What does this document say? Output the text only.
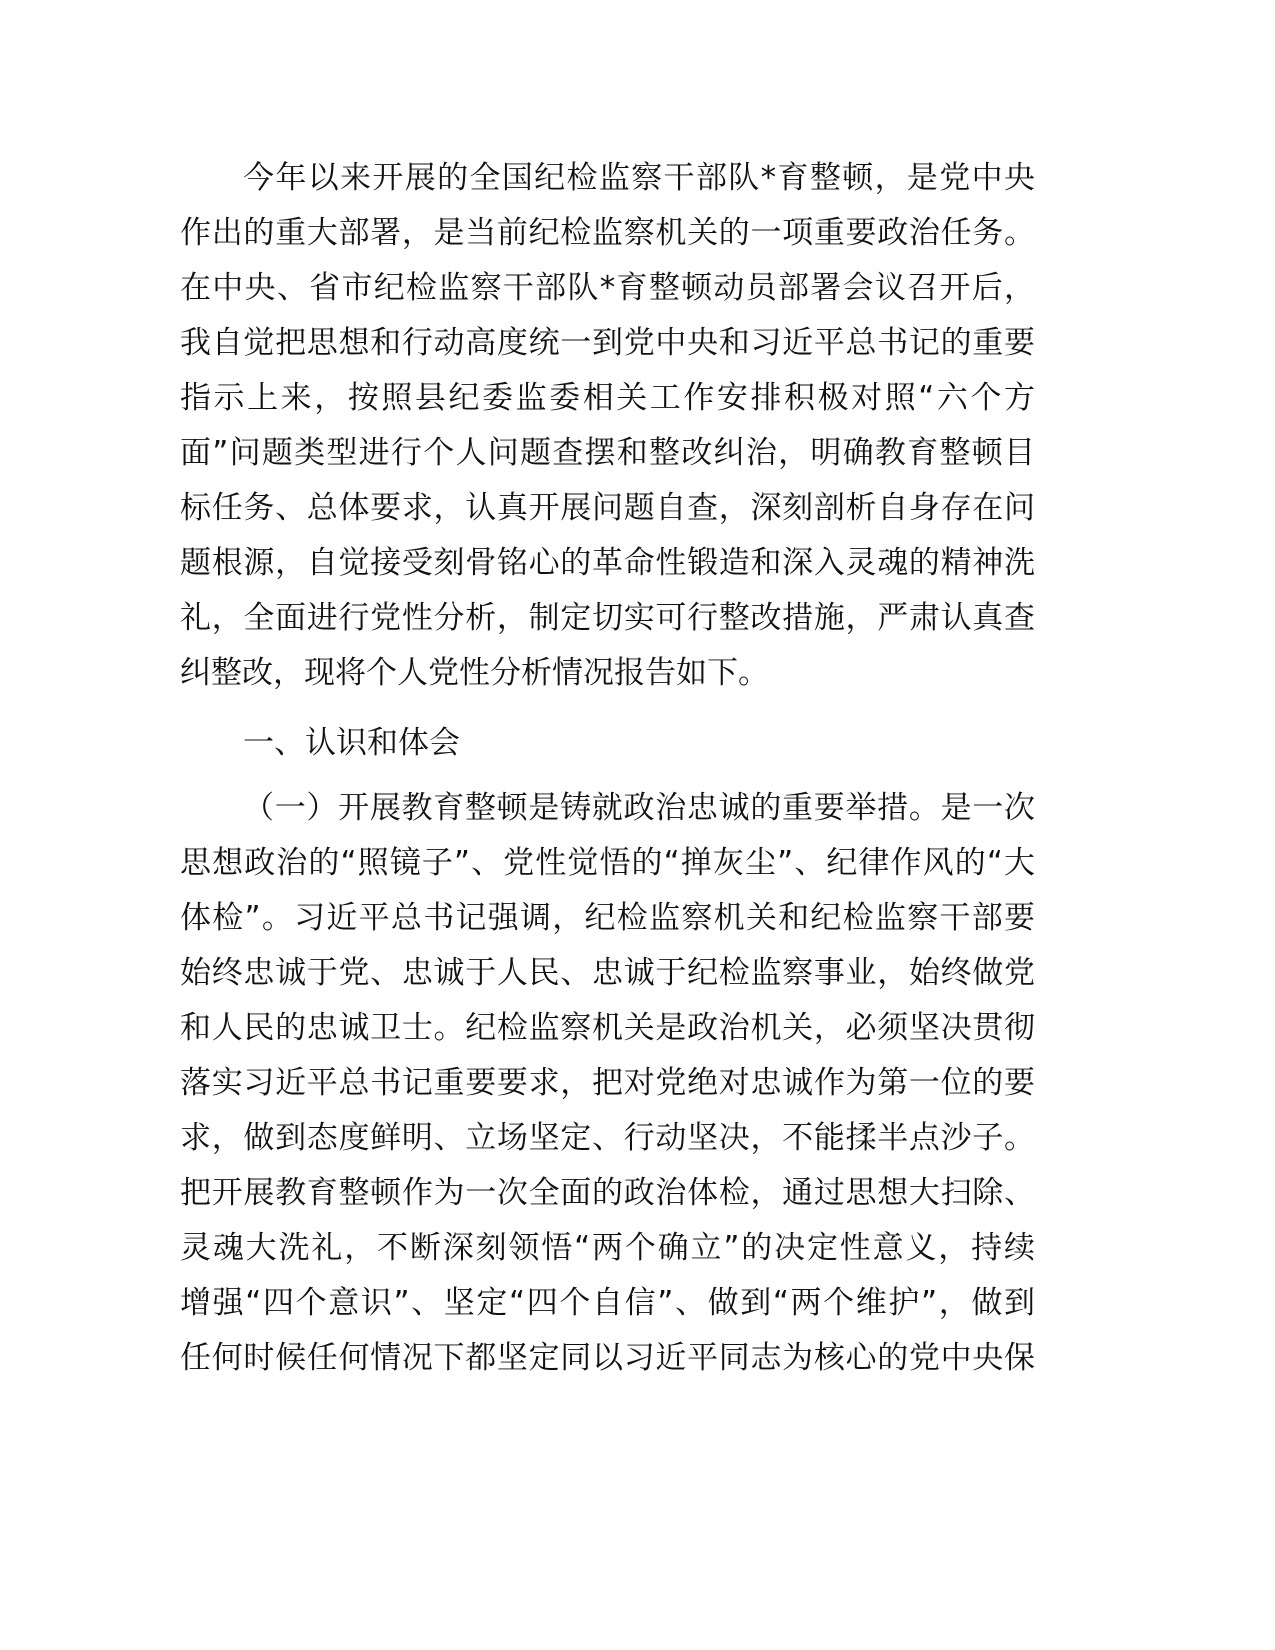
今年以来开展的全国纪检监察干部队*育整顿，是党中央
作出的重大部署，是当前纪检监察机关的一项重要政治任务。
在中央、省市纪检监察干部队*育整顿动员部署会议召开后，
我自觉把思想和行动高度统一到党中央和习近平总书记的重要
指示上来，按照县纪委监委相关工作安排积极对照“六个方
面”问题类型进行个人问题查摆和整改纠治，明确教育整顿目
标任务、总体要求，认真开展问题自查，深刻剖析自身存在问
题根源，自觉接受刻骨铭心的革命性锻造和深入灵魂的精神洗
礼，全面进行党性分析，制定切实可行整改措施，严肃认真查
纠整改，现将个人党性分析情况报告如下。
一、认识和体会
（一）开展教育整顿是铸就政治忠诚的重要举措。是一次
思想政治的“照镜子”、党性觉悟的“掸灰尘”、纪律作风的“大
体检”。习近平总书记强调，纪检监察机关和纪检监察干部要
始终忠诚于党、忠诚于人民、忠诚于纪检监察事业，始终做党
和人民的忠诚卫士。纪检监察机关是政治机关，必须坚决贯彻
落实习近平总书记重要要求，把对党绝对忠诚作为第一位的要
求，做到态度鲜明、立场坚定、行动坚决，不能揉半点沙子。
把开展教育整顿作为一次全面的政治体检，通过思想大扫除、
灵魂大洗礼，不断深刻领悟“两个确立”的决定性意义，持续
增强“四个意识”、坚定“四个自信”、做到“两个维护”，做到
任何时候任何情况下都坚定同以习近平同志为核心的党中央保
